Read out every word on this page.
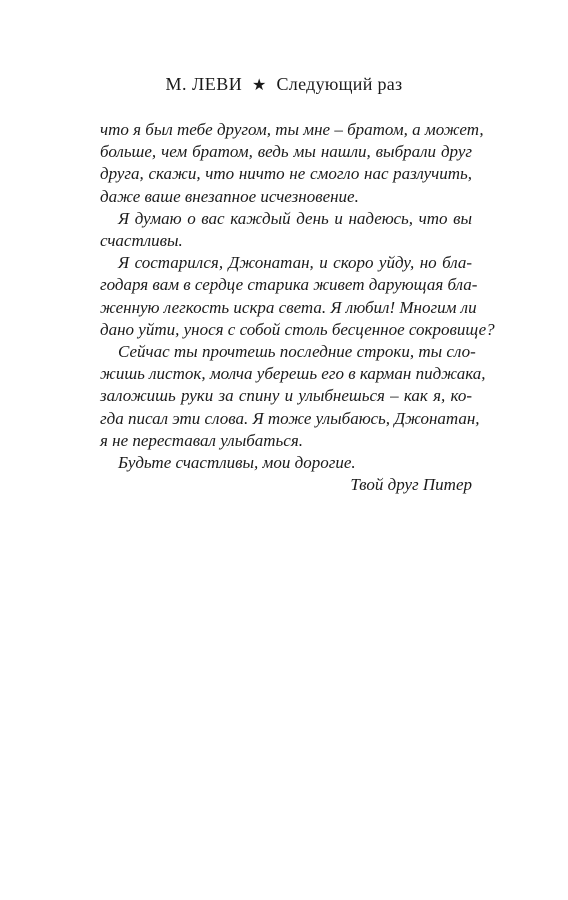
М. ЛЕВИ ★ Следующий раз
что я был тебе другом, ты мне – братом, а может,
больше, чем братом, ведь мы нашли, выбрали друг
друга, скажи, что ничто не смогло нас разлучить,
даже ваше внезапное исчезновение.
Я думаю о вас каждый день и надеюсь, что вы
счастливы.
Я состарился, Джонатан, и скоро уйду, но бла-
годаря вам в сердце старика живет дарующая бла-
женную легкость искра света. Я любил! Многим ли
дано уйти, унося с собой столь бесценное сокровище?
Сейчас ты прочтешь последние строки, ты сло-
жишь листок, молча уберешь его в карман пиджака,
заложишь руки за спину и улыбнешься – как я, ко-
гда писал эти слова. Я тоже улыбаюсь, Джонатан,
я не переставал улыбаться.
Будьте счастливы, мои дорогие.
Твой друг Питер
